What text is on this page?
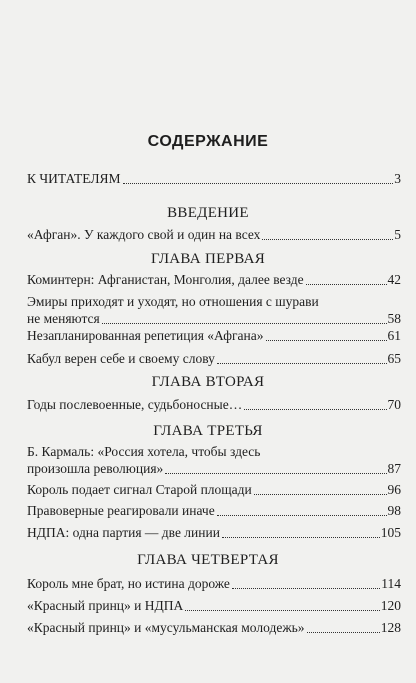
СОДЕРЖАНИЕ
К ЧИТАТЕЛЯМ	3
ВВЕДЕНИЕ
«Афган». У каждого свой и один на всех	5
ГЛАВА ПЕРВАЯ
Коминтерн: Афганистан, Монголия, далее везде	42
Эмиры приходят и уходят, но отношения с шурави
не меняются	58
Незапланированная репетиция «Афгана»	61
Кабул верен себе и своему слову	65
ГЛАВА ВТОРАЯ
Годы послевоенные, судьбоносные…	70
ГЛАВА ТРЕТЬЯ
Б. Кармаль: «Россия хотела, чтобы здесь
произошла революция»	87
Король подает сигнал Старой площади	96
Правоверные реагировали иначе	98
НДПА: одна партия — две линии	105
ГЛАВА ЧЕТВЕРТАЯ
Король мне брат, но истина дороже	114
«Красный принц» и НДПА	120
«Красный принц» и «мусульманская молодежь»	128
